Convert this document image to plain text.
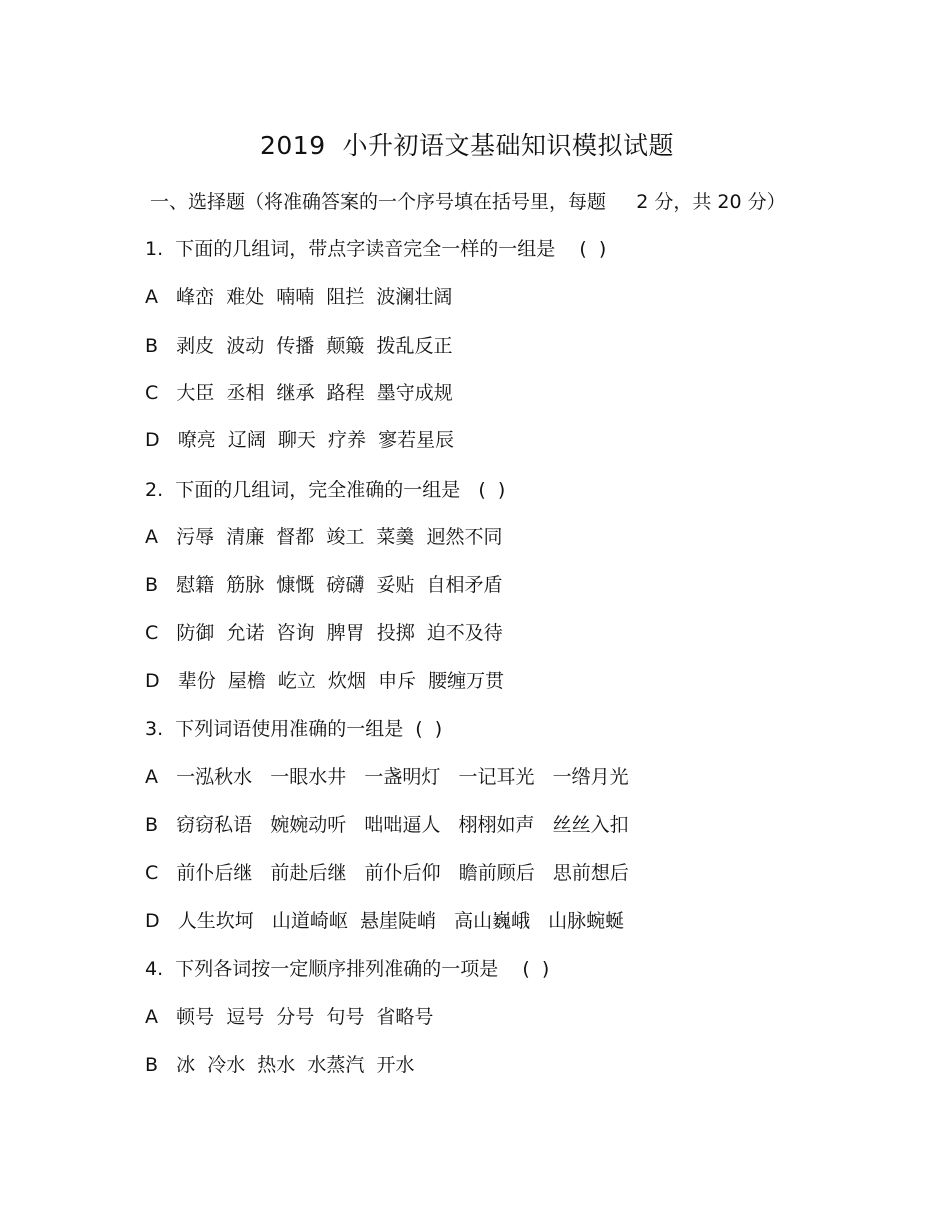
2019  小升初语文基础知识模拟试题
一、选择题（将准确答案的一个序号填在括号里，每题     2 分，共 20 分）
1.  下面的几组词，带点字读音完全一样的一组是    (  )
A   峰峦  难处  喃喃  阻拦  波澜壮阔
B   剥皮  波动  传播  颠簸  拨乱反正
C   大臣  丞相  继承  路程  墨守成规
D   嘹亮  辽阔  聊天  疗养  寥若星辰
2.  下面的几组词，完全准确的一组是   (  )
A   污辱  清廉  督都  竣工  菜羹  迥然不同
B   慰籍  筋脉  慷慨  磅礴  妥贴  自相矛盾
C   防御  允诺  咨询  脾胃  投掷  迫不及待
D   辈份  屋檐  屹立  炊烟  申斥  腰缠万贯
3.  下列词语使用准确的一组是  (  )
A   一泓秋水   一眼水井   一盏明灯   一记耳光   一绺月光
B   窃窃私语   婉婉动听   咄咄逼人   栩栩如声   丝丝入扣
C   前仆后继   前赴后继   前仆后仰   瞻前顾后   思前想后
D   人生坎坷   山道崎岖  悬崖陡峭   高山巍峨   山脉蜿蜒
4.  下列各词按一定顺序排列准确的一项是    (  )
A   顿号  逗号  分号  句号  省略号
B   冰  冷水  热水  水蒸汽  开水
